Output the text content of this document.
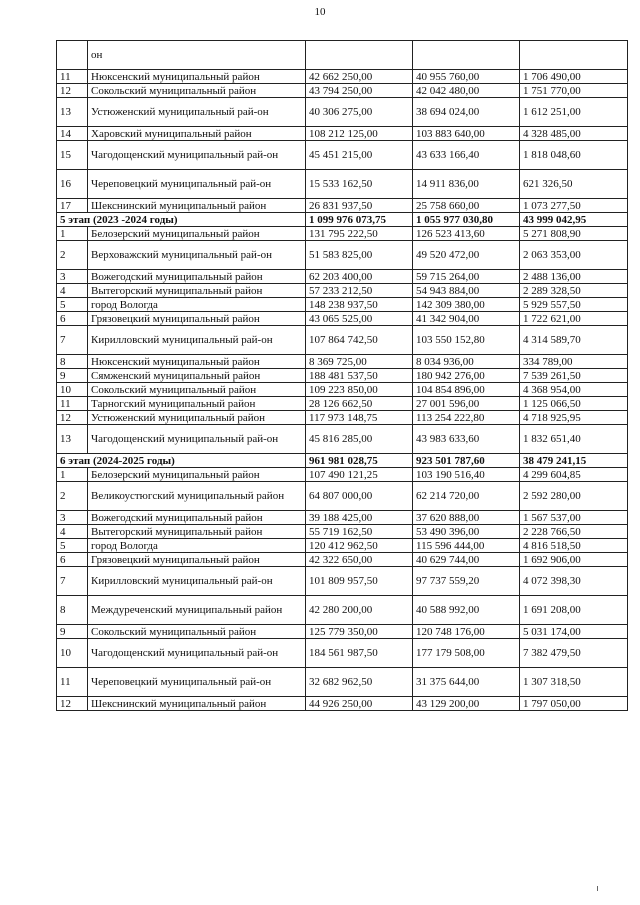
10
	он			
11	Нюксенский муниципальный район	42 662 250,00	40 955 760,00	1 706 490,00
12	Сокольский муниципальный район	43 794 250,00	42 042 480,00	1 751 770,00
13	Устюженский муниципальный рай-он	40 306 275,00	38 694 024,00	1 612 251,00
14	Харовский муниципальный район	108 212 125,00	103 883 640,00	4 328 485,00
15	Чагодощенский муниципальный рай-он	45 451 215,00	43 633 166,40	1 818 048,60
16	Череповецкий муниципальный рай-он	15 533 162,50	14 911 836,00	621 326,50
17	Шекснинский муниципальный район	26 831 937,50	25 758 660,00	1 073 277,50
5 этап (2023 -2024 годы)		1 099 976 073,75	1 055 977 030,80	43 999 042,95
1	Белозерский муниципальный район	131 795 222,50	126 523 413,60	5 271 808,90
2	Верховажский муниципальный рай-он	51 583 825,00	49 520 472,00	2 063 353,00
3	Вожегодский муниципальный район	62 203 400,00	59 715 264,00	2 488 136,00
4	Вытегорский муниципальный район	57 233 212,50	54 943 884,00	2 289 328,50
5	город Вологда	148 238 937,50	142 309 380,00	5 929 557,50
6	Грязовецкий муниципальный район	43 065 525,00	41 342 904,00	1 722 621,00
7	Кирилловский муниципальный рай-он	107 864 742,50	103 550 152,80	4 314 589,70
8	Нюксенский муниципальный район	8 369 725,00	8 034 936,00	334 789,00
9	Сямженский муниципальный район	188 481 537,50	180 942 276,00	7 539 261,50
10	Сокольский муниципальный район	109 223 850,00	104 854 896,00	4 368 954,00
11	Тарногский муниципальный район	28 126 662,50	27 001 596,00	1 125 066,50
12	Устюженский муниципальный район	117 973 148,75	113 254 222,80	4 718 925,95
13	Чагодощенский муниципальный рай-он	45 816 285,00	43 983 633,60	1 832 651,40
6 этап (2024-2025 годы)		961 981 028,75	923 501 787,60	38 479 241,15
1	Белозерский муниципальный район	107 490 121,25	103 190 516,40	4 299 604,85
2	Великоустюгский муниципальный район	64 807 000,00	62 214 720,00	2 592 280,00
3	Вожегодский муниципальный район	39 188 425,00	37 620 888,00	1 567 537,00
4	Вытегорский муниципальный район	55 719 162,50	53 490 396,00	2 228 766,50
5	город Вологда	120 412 962,50	115 596 444,00	4 816 518,50
6	Грязовецкий муниципальный район	42 322 650,00	40 629 744,00	1 692 906,00
7	Кирилловский муниципальный рай-он	101 809 957,50	97 737 559,20	4 072 398,30
8	Междуреченский муниципальный район	42 280 200,00	40 588 992,00	1 691 208,00
9	Сокольский муниципальный район	125 779 350,00	120 748 176,00	5 031 174,00
10	Чагодощенский муниципальный рай-он	184 561 987,50	177 179 508,00	7 382 479,50
11	Череповецкий муниципальный рай-он	32 682 962,50	31 375 644,00	1 307 318,50
12	Шекснинский муниципальный район	44 926 250,00	43 129 200,00	1 797 050,00
